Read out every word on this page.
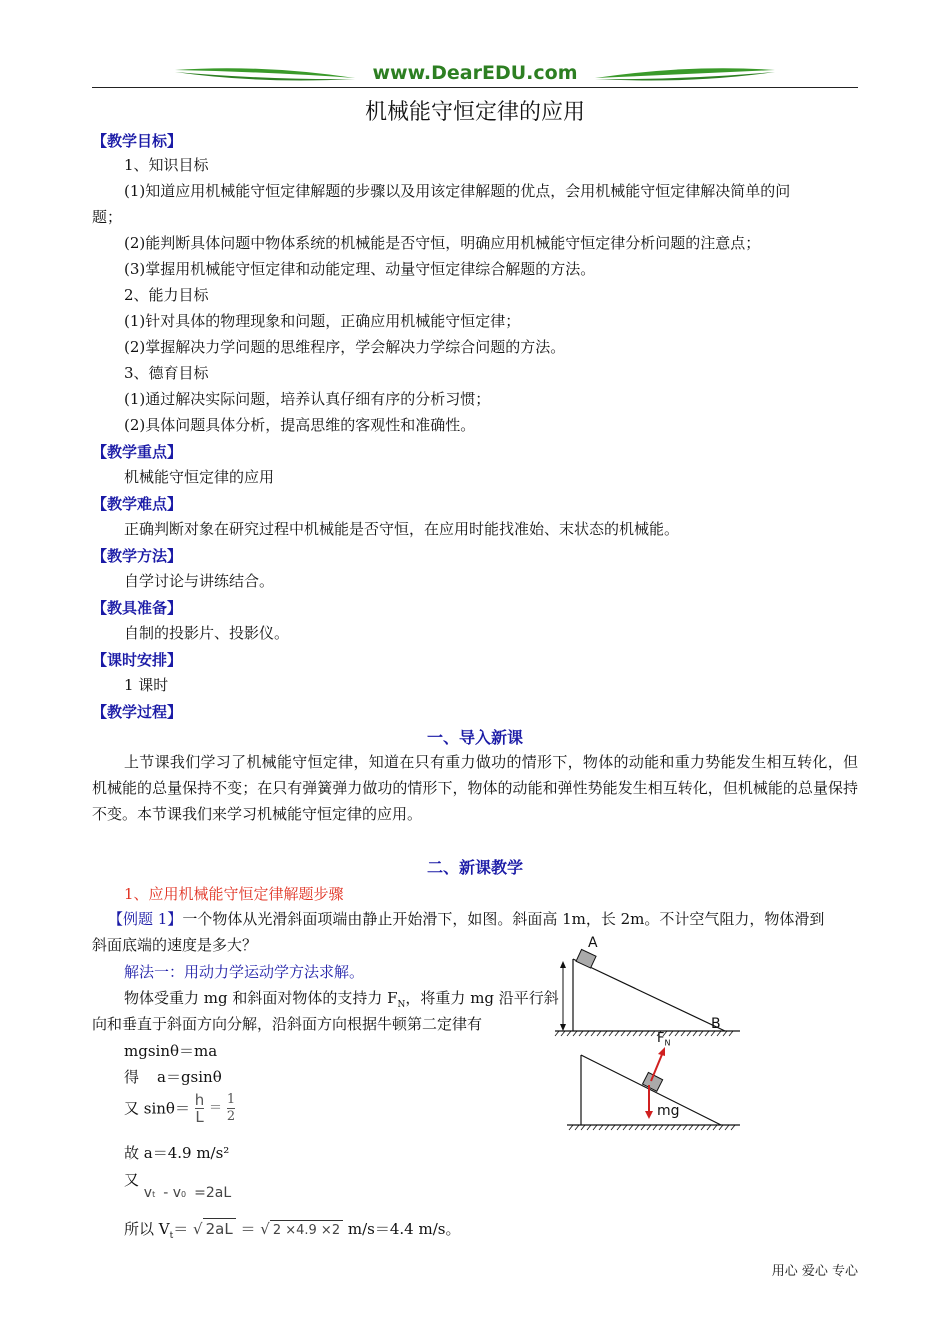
www.DearEDU.com
机械能守恒定律的应用
【教学目标】
1、知识目标
(1)知道应用机械能守恒定律解题的步骤以及用该定律解题的优点，会用机械能守恒定律解决简单的问
题；
(2)能判断具体问题中物体系统的机械能是否守恒，明确应用机械能守恒定律分析问题的注意点；
(3)掌握用机械能守恒定律和动能定理、动量守恒定律综合解题的方法。
2、能力目标
(1)针对具体的物理现象和问题，正确应用机械能守恒定律；
(2)掌握解决力学问题的思维程序，学会解决力学综合问题的方法。
3、德育目标
(1)通过解决实际问题，培养认真仔细有序的分析习惯；
(2)具体问题具体分析，提高思维的客观性和准确性。
【教学重点】
机械能守恒定律的应用
【教学难点】
正确判断对象在研究过程中机械能是否守恒，在应用时能找准始、末状态的机械能。
【教学方法】
自学讨论与讲练结合。
【教具准备】
自制的投影片、投影仪。
【课时安排】
1 课时
【教学过程】
一、导入新课
上节课我们学习了机械能守恒定律，知道在只有重力做功的情形下，物体的动能和重力势能发生相互转化，但机械能的总量保持不变；在只有弹簧弹力做功的情形下，物体的动能和弹性势能发生相互转化，但机械能的总量保持不变。本节课我们来学习机械能守恒定律的应用。
二、新课教学
1、应用机械能守恒定律解题步骤
【例题 1】一个物体从光滑斜面项端由静止开始滑下，如图。斜面高 1m，长 2m。不计空气阻力，物体滑到
斜面底端的速度是多大？
解法一：用动力学运动学方法求解。
物体受重力 mg 和斜面对物体的支持力 $F_N$，将重力 mg 沿平行斜
向和垂直于斜面方向分解，沿斜面方向根据牛顿第二定律有
mgsinθ＝ma
得 a＝gsinθ
又 $\sin\theta= \frac{h}{L} = \frac{1}{2}$
故 a＝4.9 m/s²
又 vt - v0 =2aL
所以 $V_t=$ √ 2aL ＝ √ 2 ×4.9 ×2 m/s＝4.4 m/s。
A
B
$F_N$
mg
用心 爱心 专心
